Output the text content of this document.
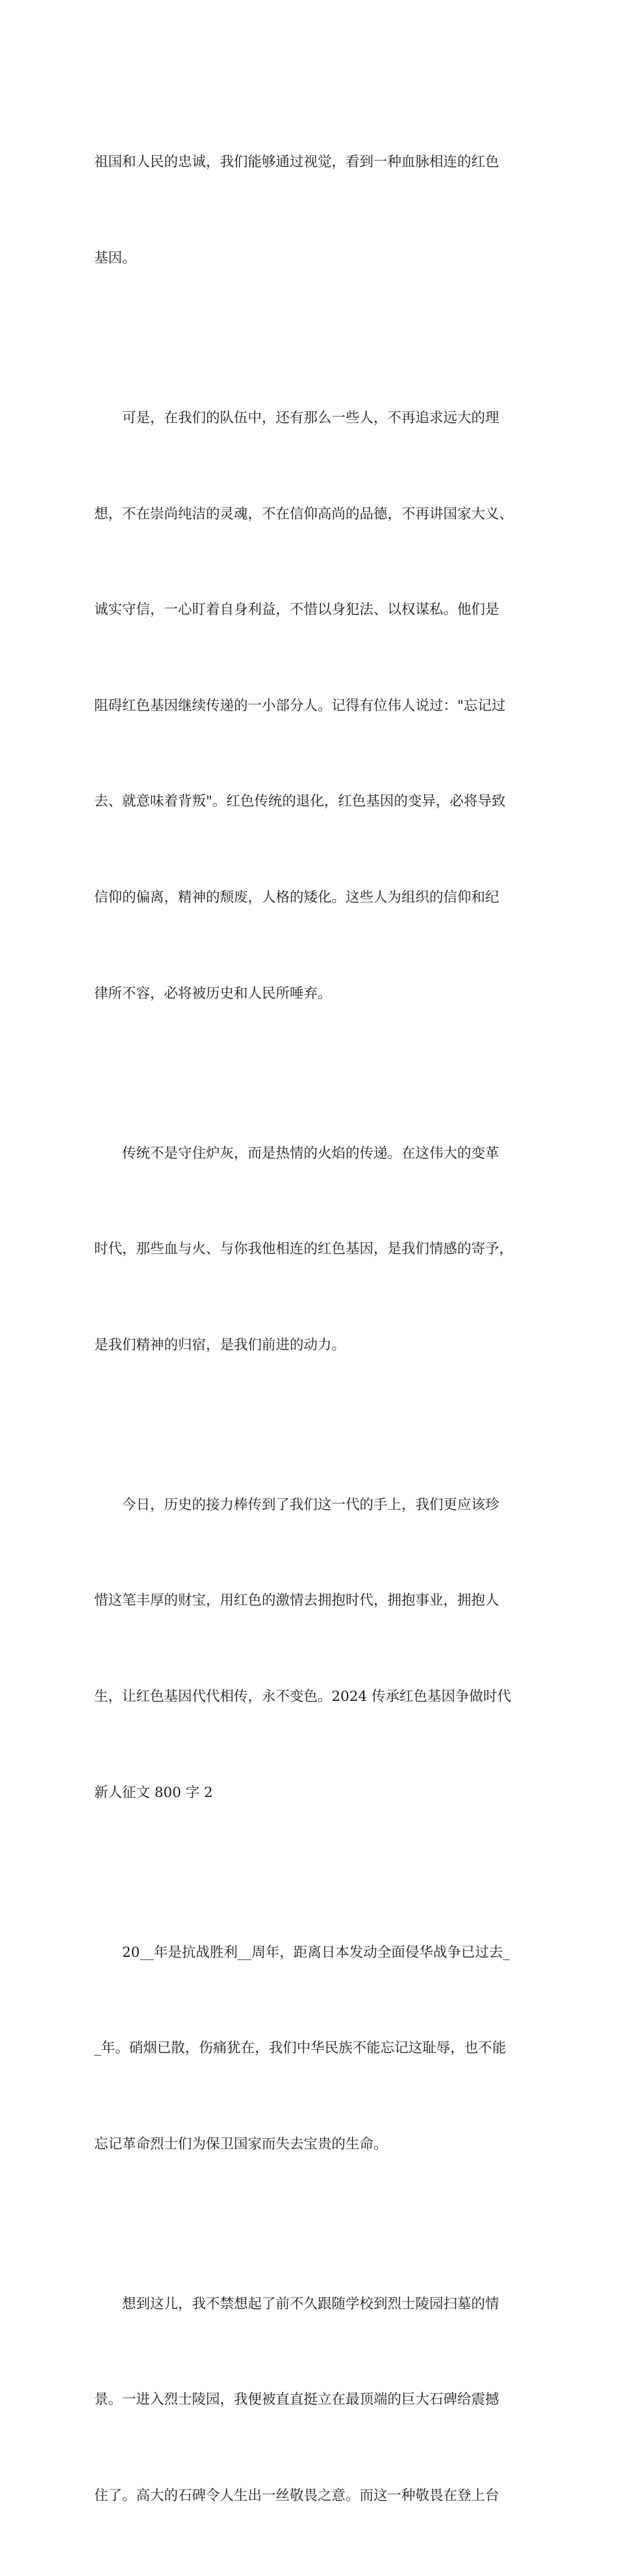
祖国和人民的忠诚，我们能够通过视觉，看到一种血脉相连的红色

基因。

　　可是，在我们的队伍中，还有那么一些人，不再追求远大的理

想，不在崇尚纯洁的灵魂，不在信仰高尚的品德，不再讲国家大义、

诚实守信，一心盯着自身利益，不惜以身犯法、以权谋私。他们是

阻碍红色基因继续传递的一小部分人。记得有位伟人说过："忘记过

去、就意味着背叛"。红色传统的退化，红色基因的变异，必将导致

信仰的偏离，精神的颓废，人格的矮化。这些人为组织的信仰和纪

律所不容，必将被历史和人民所唾弃。

　　传统不是守住炉灰，而是热情的火焰的传递。在这伟大的变革

时代，那些血与火、与你我他相连的红色基因，是我们情感的寄予，

是我们精神的归宿，是我们前进的动力。

　　今日，历史的接力棒传到了我们这一代的手上，我们更应该珍

惜这笔丰厚的财宝，用红色的激情去拥抱时代，拥抱事业，拥抱人

生，让红色基因代代相传，永不变色。2024 传承红色基因争做时代

新人征文 800 字 2

　　20__年是抗战胜利__周年，距离日本发动全面侵华战争已过去_

_年。硝烟已散，伤痛犹在，我们中华民族不能忘记这耻辱，也不能

忘记革命烈士们为保卫国家而失去宝贵的生命。

　　想到这儿，我不禁想起了前不久跟随学校到烈士陵园扫墓的情

景。一进入烈士陵园，我便被直直挺立在最顶端的巨大石碑给震撼

住了。高大的石碑令人生出一丝敬畏之意。而这一种敬畏在登上台
